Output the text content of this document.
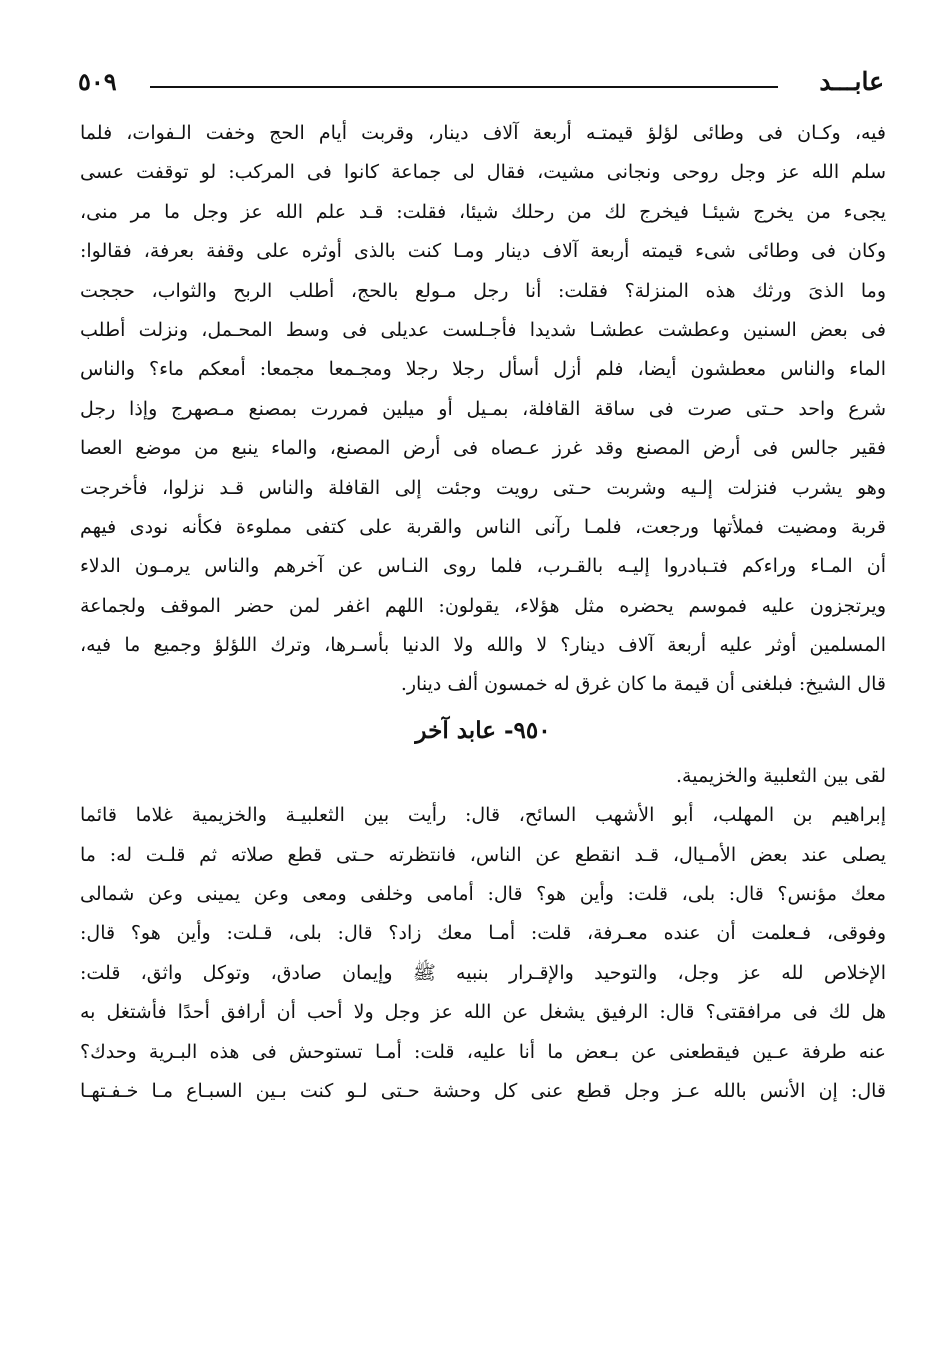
عابـــد
٥٠٩
فيه، وكـان فى وطائى لؤلؤ قيمتـه أربعة آلاف دينار، وقربت أيام الحج وخفت الـفوات، فلما
سلم الله عز وجل روحى ونجانى مشيت، فقال لى جماعة كانوا فى المركب: لو توقفت عسى
يجىء من يخرج شيئـا فيخرج لك من رحلك شيئا، فقلت: قـد علم الله عز وجل ما مر منى،
وكان فى وطائى شىء قيمته أربعة آلاف دينار ومـا كنت بالذى أوثره على وقفة بعرفة، فقالوا:
وما الذىَ ورثك هذه المنزلة؟ فقلت: أنا رجل مـولع بالحج، أطلب الربح والثواب، حججت
فى بعض السنين وعطشت عطشـا شديدا فأجـلست عديلى فى وسط المحـمل، ونزلت أطلب
الماء والناس معطشون أيضا، فلم أزل أسأل رجلا رجلا ومجـمعا مجمعا: أمعكم ماء؟ والناس
شرع واحد حـتى صرت فى ساقة القافلة، بمـيل أو ميلين فمررت بمصنع مـصهرج وإذا رجل
فقير جالس فى أرض المصنع وقد غرز عـصاه فى أرض المصنع، والماء ينبع من موضع العصا
وهو يشرب فنزلت إلـيه وشربت حـتى رويت وجئت إلى القافلة والناس قـد نزلوا، فأخرجت
قربة ومضيت فملأتها ورجعت، فلمـا رآنى الناس والقربة على كتفى مملوءة فكأنه نودى فيهم
أن المـاء وراءكم فتـبادروا إليـه بالقـرب، فلما روى النـاس عن آخرهم والناس يرمـون الدلاء
ويرتجزون عليه فموسم يحضره مثل هؤلاء، يقولون: اللهم اغفر لمن حضر الموقف ولجماعة
المسلمين أوثر عليه أربعة آلاف دينار؟ لا والله ولا الدنيا بأسـرها، وترك اللؤلؤ وجميع ما فيه،
قال الشيخ: فبلغنى أن قيمة ما كان غرق له خمسون ألف دينار.
٩٥٠- عابد آخر
لقى بين الثعلبية والخزيمية.
إبراهيم بن المهلب، أبو الأشهب السائح، قال: رأيت بين الثعلبيـة والخزيمية غلاما قائما
يصلى عند بعض الأمـيال، قـد انقطع عن الناس، فانتظرته حـتى قطع صلاته ثم قلـت له: ما
معك مؤنس؟ قال: بلى، قلت: وأين هو؟ قال: أمامى وخلفى ومعى وعن يمينى وعن شمالى
وفوقى، فـعلمت أن عنده معـرفة، قلت: أمـا معك زاد؟ قال: بلى، قـلت: وأين هو؟ قال:
الإخلاص لله عز وجل، والتوحيد والإقـرار بنبيه ﷺ وإيمان صادق، وتوكل واثق، قلت:
هل لك فى مرافقتى؟ قال: الرفيق يشغل عن الله عز وجل ولا أحب أن أرافق أحدًا فأشتغل به
عنه طرفة عـين فيقطعنى عن بـعض ما أنا عليه، قلت: أمـا تستوحش فى هذه البـرية وحدك؟
قال: إن الأنس بالله عـز وجل قطع عنى كل وحشة حـتى لـو كنت بـين السبـاع مـا خـفـتهـا
